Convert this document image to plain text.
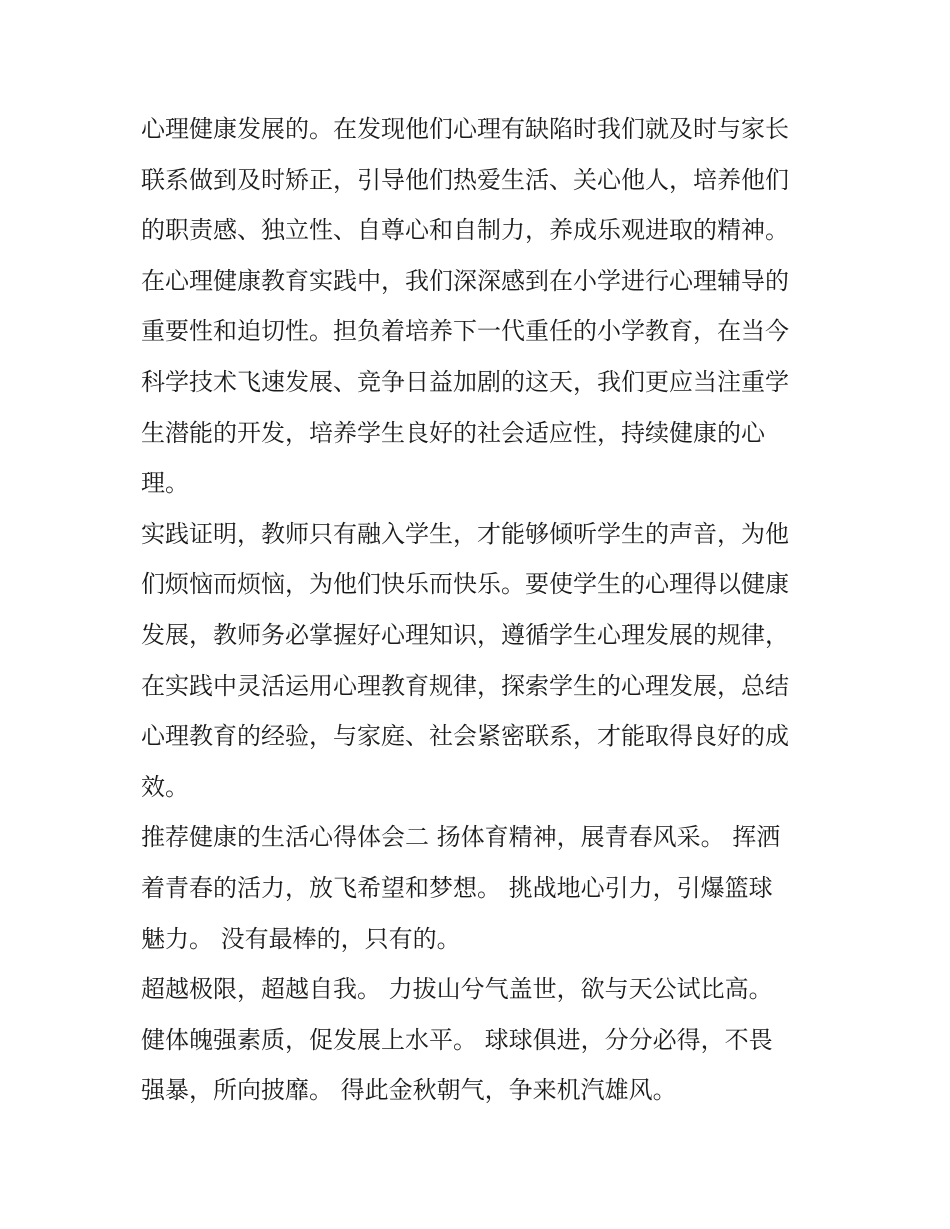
心理健康发展的。在发现他们心理有缺陷时我们就及时与家长
联系做到及时矫正，引导他们热爱生活、关心他人，培养他们
的职责感、独立性、自尊心和自制力，养成乐观进取的精神。
在心理健康教育实践中，我们深深感到在小学进行心理辅导的
重要性和迫切性。担负着培养下一代重任的小学教育，在当今
科学技术飞速发展、竞争日益加剧的这天，我们更应当注重学
生潜能的开发，培养学生良好的社会适应性，持续健康的心
理。
实践证明，教师只有融入学生，才能够倾听学生的声音，为他
们烦恼而烦恼，为他们快乐而快乐。要使学生的心理得以健康
发展，教师务必掌握好心理知识，遵循学生心理发展的规律，
在实践中灵活运用心理教育规律，探索学生的心理发展，总结
心理教育的经验，与家庭、社会紧密联系，才能取得良好的成
效。
推荐健康的生活心得体会二 扬体育精神，展青春风采。 挥洒
着青春的活力，放飞希望和梦想。 挑战地心引力，引爆篮球
魅力。 没有最棒的，只有的。
超越极限，超越自我。 力拔山兮气盖世，欲与天公试比高。
健体魄强素质，促发展上水平。 球球俱进，分分必得，不畏
强暴，所向披靡。 得此金秋朝气，争来机汽雄风。
